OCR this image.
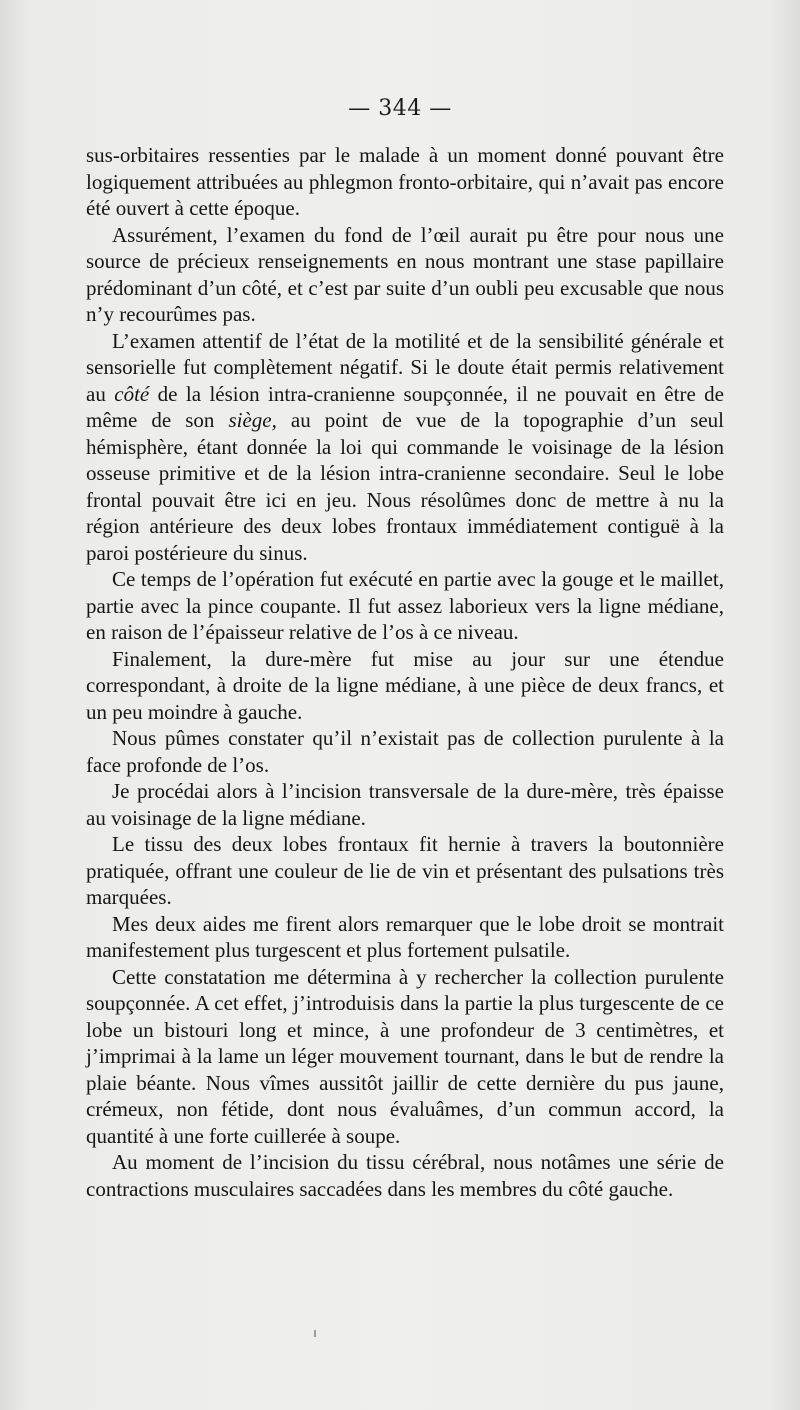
— 344 —

sus-orbitaires ressenties par le malade à un moment donné pouvant être logiquement attribuées au phlegmon fronto-orbitaire, qui n’avait pas encore été ouvert à cette époque.

Assurément, l’examen du fond de l’œil aurait pu être pour nous une source de précieux renseignements en nous montrant une stase papillaire prédominant d’un côté, et c’est par suite d’un oubli peu excusable que nous n’y recourûmes pas.

L’examen attentif de l’état de la motilité et de la sensibilité générale et sensorielle fut complètement négatif. Si le doute était permis relativement au côté de la lésion intra-cranienne soupçonnée, il ne pouvait en être de même de son siège, au point de vue de la topographie d’un seul hémisphère, étant donnée la loi qui commande le voisinage de la lésion osseuse primitive et de la lésion intra-cranienne secondaire. Seul le lobe frontal pouvait être ici en jeu. Nous résolûmes donc de mettre à nu la région antérieure des deux lobes frontaux immédiatement contiguë à la paroi postérieure du sinus.

Ce temps de l’opération fut exécuté en partie avec la gouge et le maillet, partie avec la pince coupante. Il fut assez laborieux vers la ligne médiane, en raison de l’épaisseur relative de l’os à ce niveau.

Finalement, la dure-mère fut mise au jour sur une étendue correspondant, à droite de la ligne médiane, à une pièce de deux francs, et un peu moindre à gauche.

Nous pûmes constater qu’il n’existait pas de collection purulente à la face profonde de l’os.

Je procédai alors à l’incision transversale de la dure-mère, très épaisse au voisinage de la ligne médiane.

Le tissu des deux lobes frontaux fit hernie à travers la boutonnière pratiquée, offrant une couleur de lie de vin et présentant des pulsations très marquées.

Mes deux aides me firent alors remarquer que le lobe droit se montrait manifestement plus turgescent et plus fortement pulsatile.

Cette constatation me détermina à y rechercher la collection purulente soupçonnée. A cet effet, j’introduisis dans la partie la plus turgescente de ce lobe un bistouri long et mince, à une profondeur de 3 centimètres, et j’imprimai à la lame un léger mouvement tournant, dans le but de rendre la plaie béante. Nous vîmes aussitôt jaillir de cette dernière du pus jaune, crémeux, non fétide, dont nous évaluâmes, d’un commun accord, la quantité à une forte cuillerée à soupe.

Au moment de l’incision du tissu cérébral, nous notâmes une série de contractions musculaires saccadées dans les membres du côté gauche.
